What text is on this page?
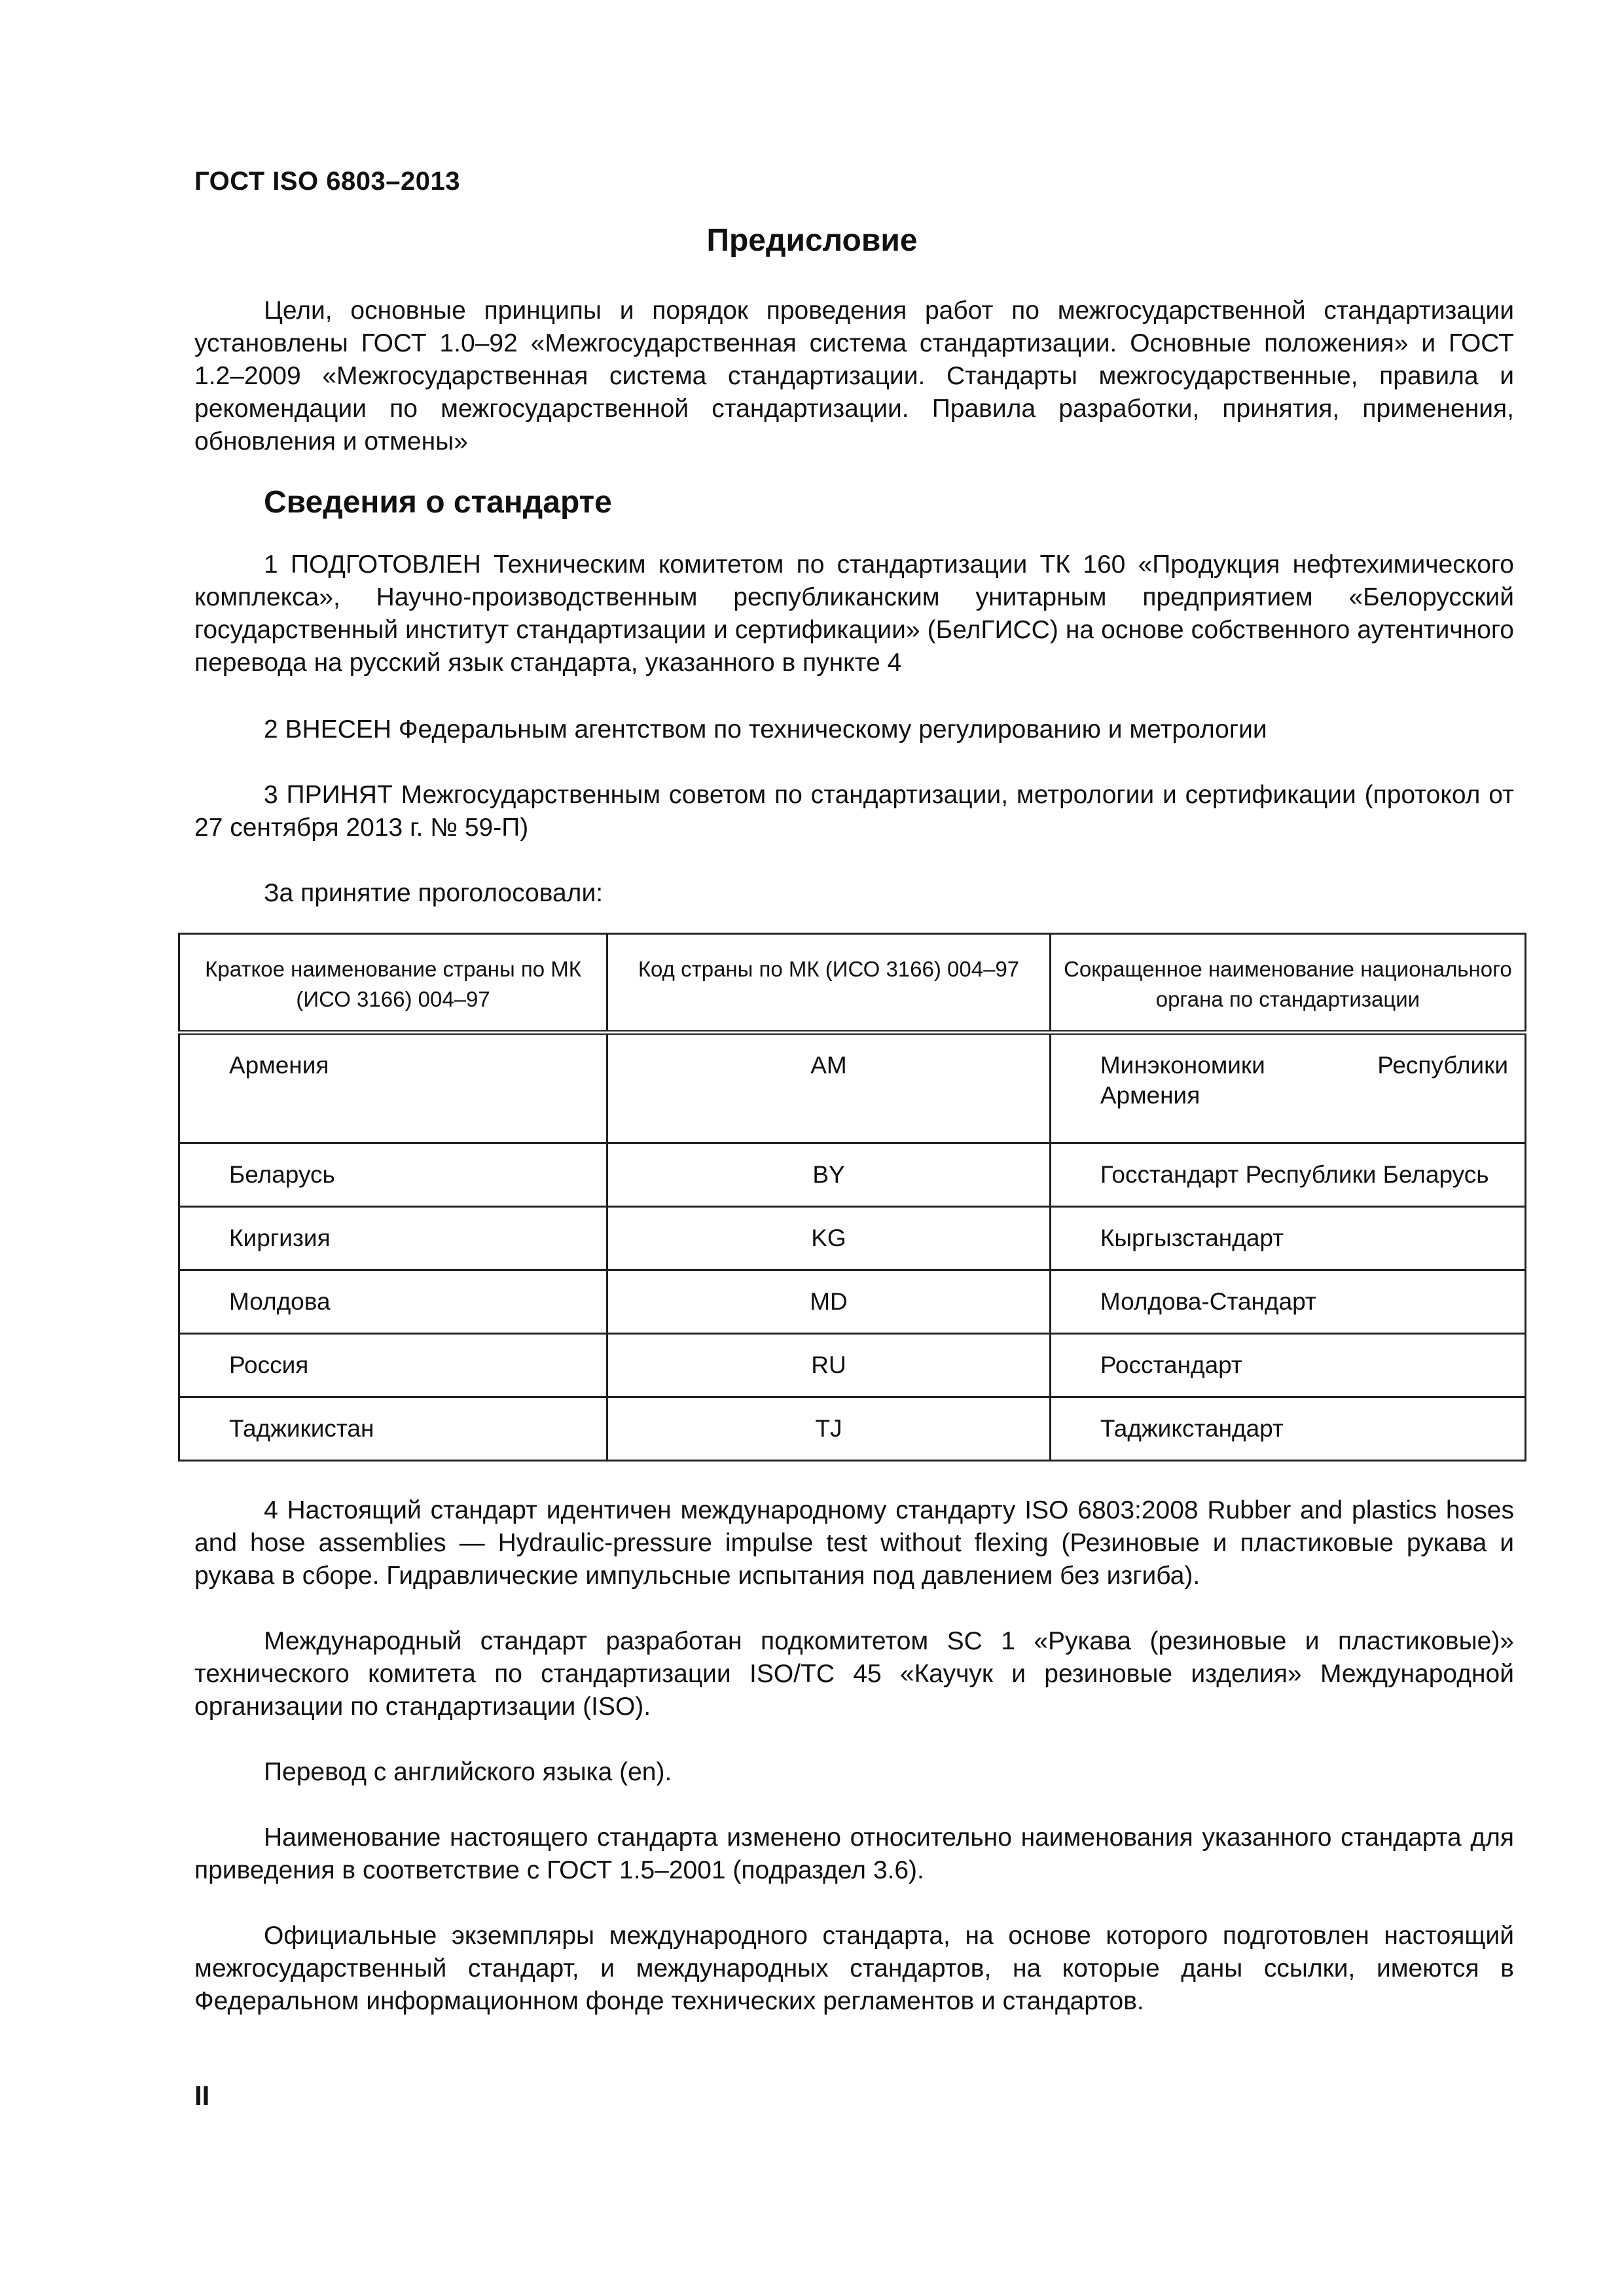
ГОСТ ISO 6803–2013
Предисловие

Цели, основные принципы и порядок проведения работ по межгосударственной стандартизации установлены ГОСТ 1.0–92 «Межгосударственная система стандартизации. Основные положения» и ГОСТ 1.2–2009 «Межгосударственная система стандартизации. Стандарты межгосударственные, правила и рекомендации по межгосударственной стандартизации. Правила разработки, принятия, применения, обновления и отмены»

Сведения о стандарте

1 ПОДГОТОВЛЕН Техническим комитетом по стандартизации ТК 160 «Продукция нефтехимического комплекса», Научно-производственным республиканским унитарным предприятием «Белорусский государственный институт стандартизации и сертификации» (БелГИСС) на основе собственного аутентичного перевода на русский язык стандарта, указанного в пункте 4

2 ВНЕСЕН Федеральным агентством по техническому регулированию и метрологии

3 ПРИНЯТ Межгосударственным советом по стандартизации, метрологии и сертификации (протокол от 27 сентября 2013 г. № 59-П)

За принятие проголосовали:

Краткое наименование страны по МК (ИСО 3166) 004–97	Код страны по МК (ИСО 3166) 004–97	Сокращенное наименование национального органа по стандартизации
Армения	AM	Минэкономики Республики Армения

Беларусь	BY	Госстандарт Республики Беларусь
Киргизия	KG	Кыргызстандарт
Молдова	MD	Молдова-Стандарт
Россия	RU	Росстандарт
Таджикистан	TJ	Таджикстандарт

4 Настоящий стандарт идентичен международному стандарту ISO 6803:2008 Rubber and plastics hoses and hose assemblies — Hydraulic-pressure impulse test without flexing (Резиновые и пластиковые рукава и рукава в сборе. Гидравлические импульсные испытания под давлением без изгиба).

Международный стандарт разработан подкомитетом SC 1 «Рукава (резиновые и пластиковые)» технического комитета по стандартизации ISO/TC 45 «Каучук и резиновые изделия» Международной организации по стандартизации (ISO).

Перевод с английского языка (en).

Наименование настоящего стандарта изменено относительно наименования указанного стандарта для приведения в соответствие с ГОСТ 1.5–2001 (подраздел 3.6).

Официальные экземпляры международного стандарта, на основе которого подготовлен настоящий межгосударственный стандарт, и международных стандартов, на которые даны ссылки, имеются в Федеральном информационном фонде технических регламентов и стандартов.

II
